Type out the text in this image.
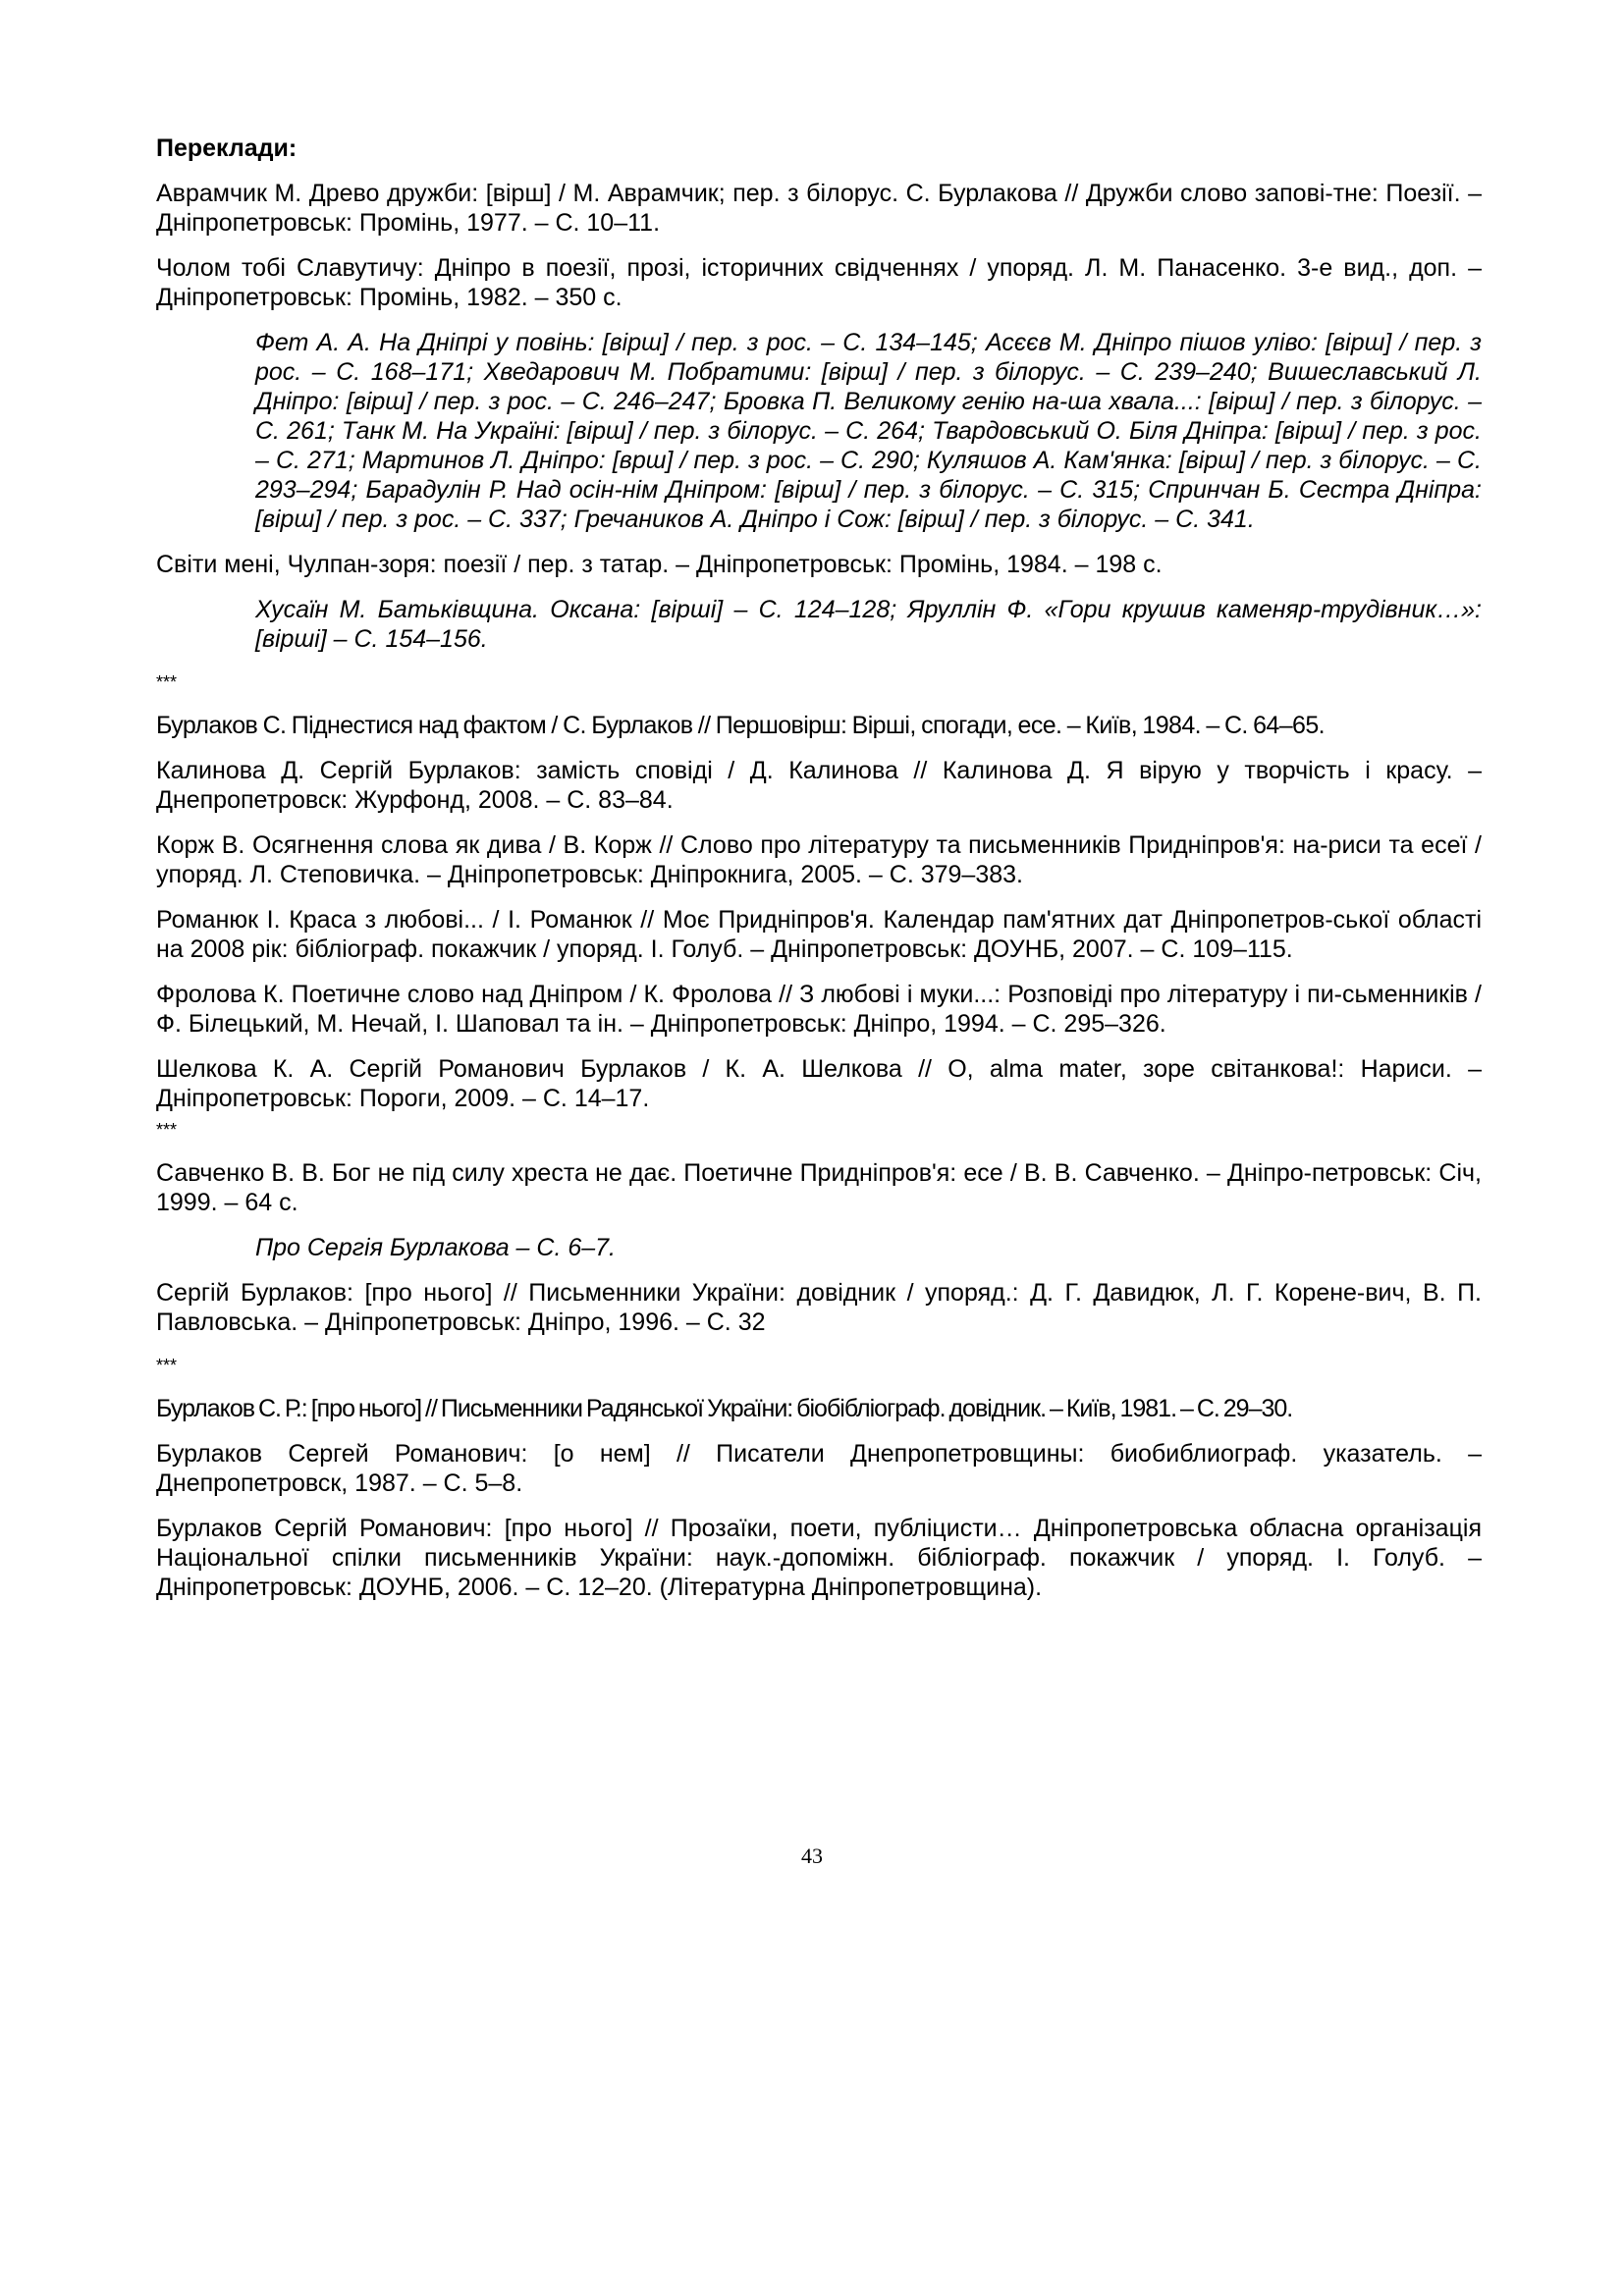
Переклади:

Аврамчик М. Древо дружби: [вірш] / М. Аврамчик; пер. з білорус. С. Бурлакова // Дружби слово запові-тне: Поезії. – Дніпропетровськ: Промінь, 1977. – С. 10–11.

Чолом тобі Славутичу: Дніпро в поезії, прозі, історичних свідченнях / упоряд. Л. М. Панасенко. 3-е вид., доп. – Дніпропетровськ: Промінь, 1982. – 350 с.

Фет А. А. На Дніпрі у повінь: [вірш] / пер. з рос. – С. 134–145; Асєєв М. Дніпро пішов уліво: [вірш] / пер. з рос. – С. 168–171; Хведарович М. Побратими: [вірш] / пер. з білорус. – С. 239–240; Вишеславський Л. Дніпро: [вірш] / пер. з рос. – С. 246–247; Бровка П. Великому генію на-ша хвала...: [вірш] / пер. з білорус. – С. 261; Танк М. На Україні: [вірш] / пер. з білорус. – С. 264; Твардовський О. Біля Дніпра: [вірш] / пер. з рос. – С. 271; Мартинов Л. Дніпро: [врш] / пер. з рос. – С. 290; Куляшов А. Кам'янка: [вірш] / пер. з білорус. – С. 293–294; Барадулін Р. Над осін-нім Дніпром: [вірш] / пер. з білорус. – С. 315; Спринчан Б. Сестра Дніпра: [вірш] / пер. з рос. – С. 337; Гречаников А. Дніпро і Сож: [вірш] / пер. з білорус. – С. 341.

Світи мені, Чулпан-зоря: поезії / пер. з татар. – Дніпропетровськ: Промінь, 1984. – 198 с.

Хусаїн М. Батьківщина. Оксана: [вірші] – С. 124–128; Яруллін Ф. «Гори крушив каменяр-трудівник…»: [вірші] – С. 154–156.

***

Бурлаков С. Піднестися над фактом / С. Бурлаков // Першовірш: Вірші, спогади, есе. – Київ, 1984. – С. 64–65.

Калинова Д. Сергій Бурлаков: замість сповіді / Д. Калинова // Калинова Д. Я вірую у творчість і красу. – Днепропетровск: Журфонд, 2008. – С. 83–84.

Корж В. Осягнення слова як дива / В. Корж // Слово про літературу та письменників Придніпров'я: на-риси та есеї / упоряд. Л. Степовичка. – Дніпропетровськ: Дніпрокнига, 2005. – С. 379–383.

Романюк І. Краса з любові... / І. Романюк // Моє Придніпров'я. Календар пам'ятних дат Дніпропетров-ської області на 2008 рік: бібліограф. покажчик / упоряд. І. Голуб. – Дніпропетровськ: ДОУНБ, 2007. – С. 109–115.

Фролова К. Поетичне слово над Дніпром / К. Фролова // З любові і муки...: Розповіді про літературу і пи-сьменників / Ф. Білецький, М. Нечай, І. Шаповал та ін. – Дніпропетровськ: Дніпро, 1994. – С. 295–326.

Шелкова К. А. Сергій Романович Бурлаков / К. А. Шелкова // О, alma mater, зоре світанкова!: Нариси. – Дніпропетровськ: Пороги, 2009. – С. 14–17.

***

Савченко В. В. Бог не під силу хреста не дає. Поетичне Придніпров'я: есе / В. В. Савченко. – Дніпро-петровськ: Січ, 1999. – 64 с.

Про Сергія Бурлакова – С. 6–7.

Сергій Бурлаков: [про нього] // Письменники України: довідник / упоряд.: Д. Г. Давидюк, Л. Г. Корене-вич, В. П. Павловська. – Дніпропетровськ: Дніпро, 1996. – С. 32

***

Бурлаков С. Р.: [про нього] // Письменники Радянської України: біобібліограф. довідник. – Київ, 1981. – С. 29–30.

Бурлаков Сергей Романович: [о нем] // Писатели Днепропетровщины: биобиблиограф. указатель. – Днепропетровск, 1987. – С. 5–8.

Бурлаков Сергій Романович: [про нього] // Прозаїки, поети, публіцисти… Дніпропетровська обласна організація Національної спілки письменників України: наук.-допоміжн. бібліограф. покажчик / упоряд. І. Голуб. – Дніпропетровськ: ДОУНБ, 2006. – С. 12–20. (Літературна Дніпропетровщина).

43
